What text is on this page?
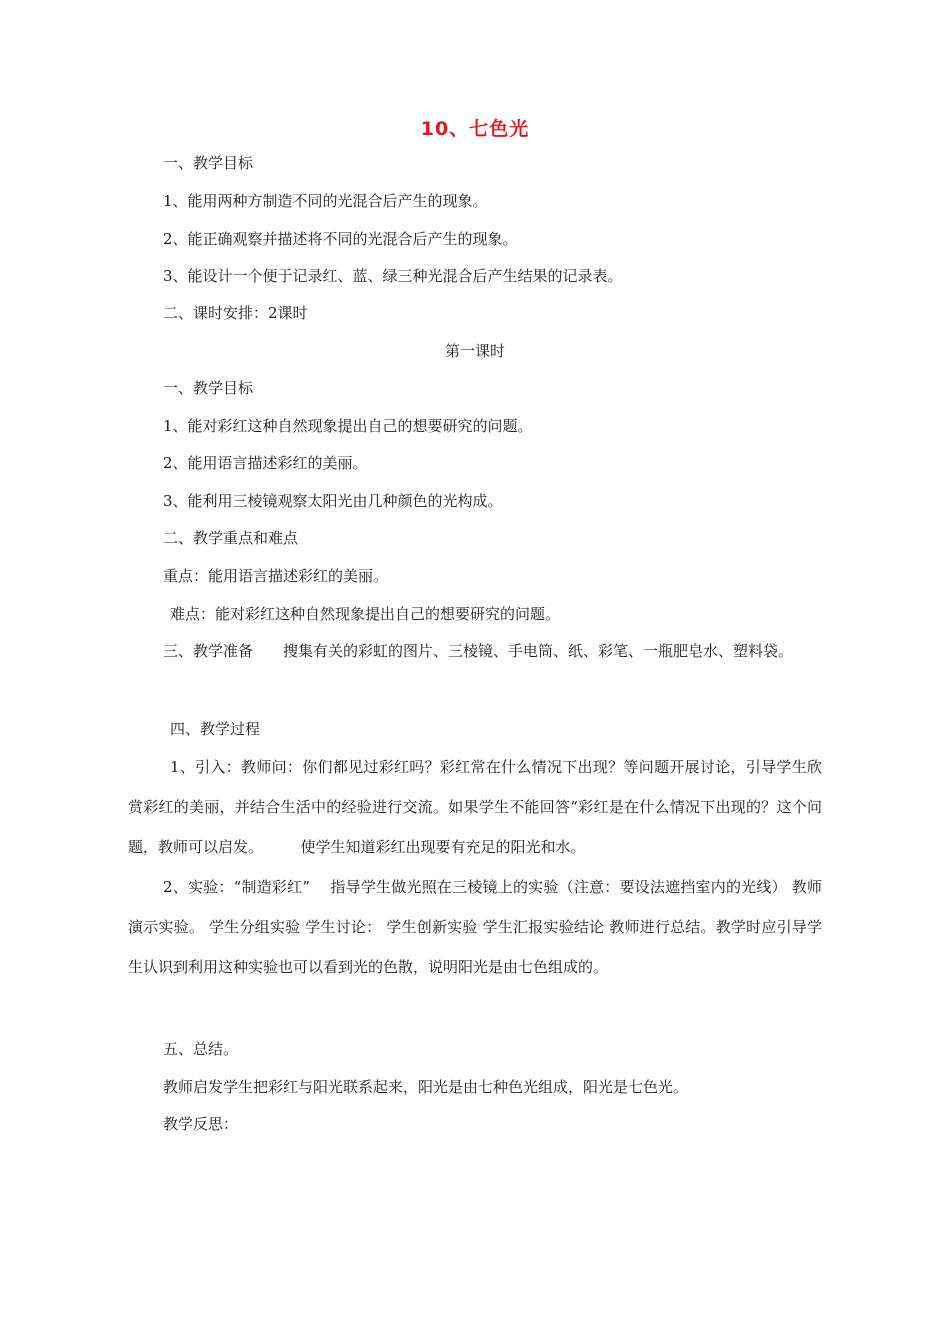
10、七色光
一、教学目标
1、能用两种方制造不同的光混合后产生的现象。
2、能正确观察并描述将不同的光混合后产生的现象。
3、能设计一个便于记录红、蓝、绿三种光混合后产生结果的记录表。
二、课时安排：2课时
第一课时
一、教学目标
1、能对彩红这种自然现象提出自己的想要研究的问题。
2、能用语言描述彩红的美丽。
3、能利用三棱镜观察太阳光由几种颜色的光构成。
二、教学重点和难点
重点：能用语言描述彩红的美丽。
难点：能对彩红这种自然现象提出自己的想要研究的问题。
三、教学准备　　搜集有关的彩虹的图片、三棱镜、手电筒、纸、彩笔、一瓶肥皂水、塑料袋。
四、教学过程
1、引入：教师问：你们都见过彩红吗？彩红常在什么情况下出现？等问题开展讨论，引导学生欣赏彩红的美丽，并结合生活中的经验进行交流。如果学生不能回答“彩红是在什么情况下出现的？这个问题，教师可以启发。　　　使学生知道彩红出现要有充足的阳光和水。
2、实验：“制造彩红”　 指导学生做光照在三棱镜上的实验（注意：要设法遮挡室内的光线） 教师演示实验。 学生分组实验 学生讨论： 学生创新实验 学生汇报实验结论 教师进行总结。教学时应引导学生认识到利用这种实验也可以看到光的色散，说明阳光是由七色组成的。
五、总结。
教师启发学生把彩红与阳光联系起来，阳光是由七种色光组成，阳光是七色光。
教学反思：
